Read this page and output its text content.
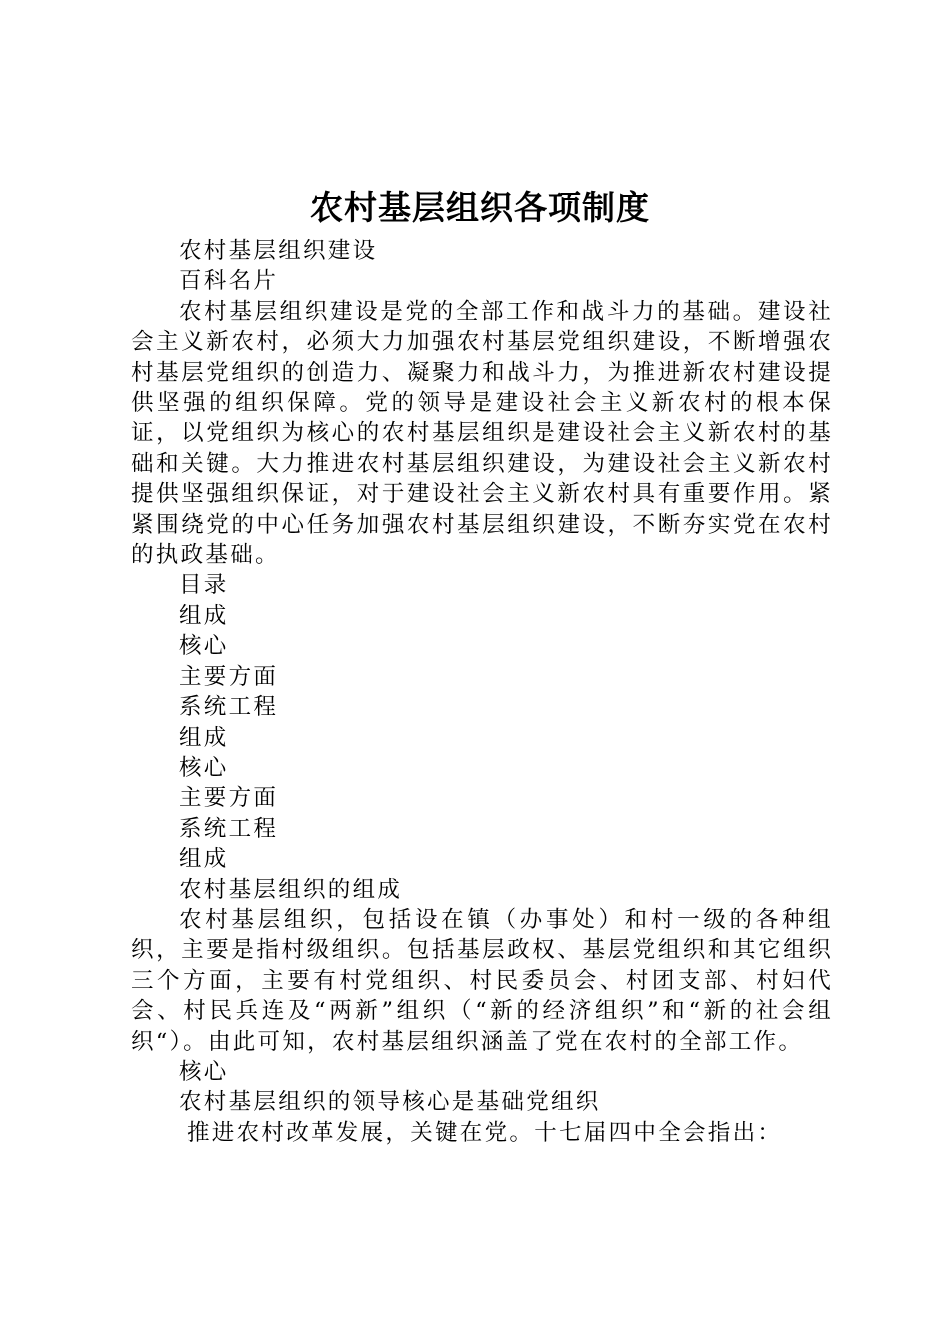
农村基层组织各项制度

农村基层组织建设

百科名片

农村基层组织建设是党的全部工作和战斗力的基础。建设社会主义新农村，必须大力加强农村基层党组织建设，不断增强农村基层党组织的创造力、凝聚力和战斗力，为推进新农村建设提供坚强的组织保障。党的领导是建设社会主义新农村的根本保证，以党组织为核心的农村基层组织是建设社会主义新农村的基础和关键。大力推进农村基层组织建设，为建设社会主义新农村提供坚强组织保证，对于建设社会主义新农村具有重要作用。紧紧围绕党的中心任务加强农村基层组织建设，不断夯实党在农村的执政基础。

目录

组成

核心

主要方面

系统工程

组成

核心

主要方面

系统工程

组成

农村基层组织的组成

农村基层组织，包括设在镇（办事处）和村一级的各种组织，主要是指村级组织。包括基层政权、基层党组织和其它组织三个方面，主要有村党组织、村民委员会、村团支部、村妇代会、村民兵连及“两新”组织（“新的经济组织”和“新的社会组织“）。由此可知，农村基层组织涵盖了党在农村的全部工作。

核心

农村基层组织的领导核心是基础党组织

推进农村改革发展，关键在党。十七届四中全会指出：
